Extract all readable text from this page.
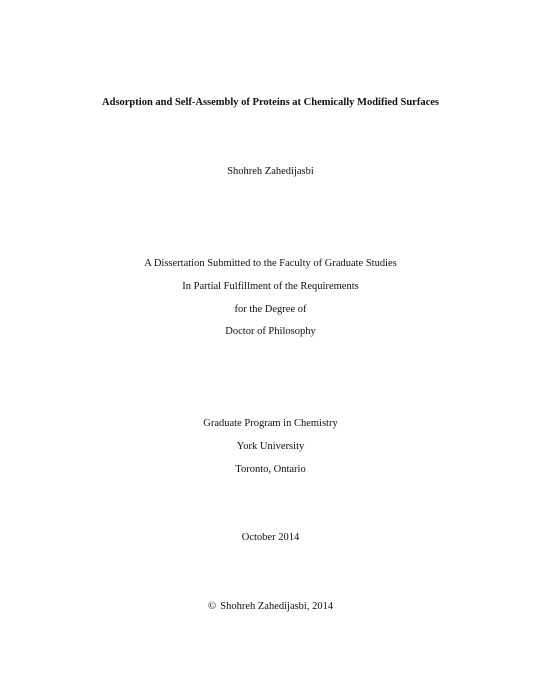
Adsorption and Self-Assembly of Proteins at Chemically Modified Surfaces
Shohreh Zahedijasbi
A Dissertation Submitted to the Faculty of Graduate Studies
In Partial Fulfillment of the Requirements
for the Degree of
Doctor of Philosophy
Graduate Program in Chemistry
York University
Toronto, Ontario
October 2014
© Shohreh Zahedijasbi, 2014
